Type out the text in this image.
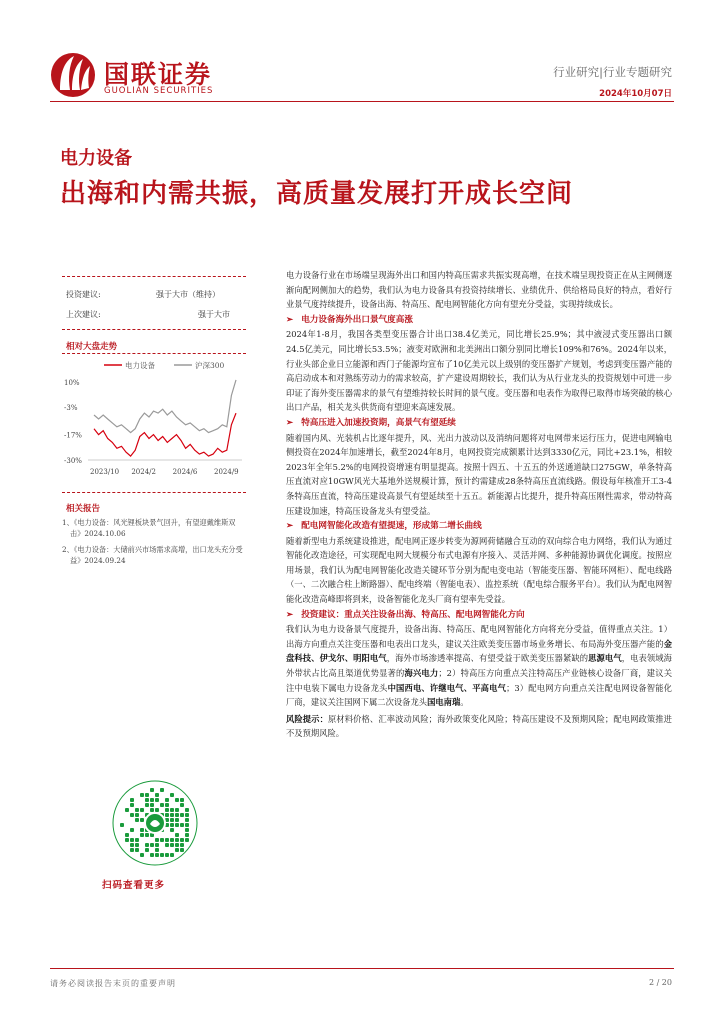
国联证券
GUOLIAN SECURITIES
行业研究|行业专题研究
2024年10月07日
电力设备
出海和内需共振，高质量发展打开成长空间
投资建议:	强于大市（维持）
上次建议:	强于大市
相对大盘走势
电力设备	沪深300
10%
-3%
-17%
-30%
2023/10 2024/2 2024/6 2024/9
相关报告

1、《电力设备：风光锂板块景气回升，有望迎戴维斯双击》2024.10.06

2、《电力设备：大储前兴市场需求高增，出口龙头充分受益》2024.09.24

扫码查看更多

电力设备行业在市场端呈现海外出口和国内特高压需求共振实现高增，在技术端呈现投资正在从主网侧逐渐向配网侧加大的趋势，我们认为电力设备具有投资持续增长、业绩优升、供给格局良好的特点，看好行业景气度持续提升，设备出海、特高压、配电网智能化方向有望充分受益，实现持续成长。

➢ 电力设备海外出口景气度高涨

2024年1-8月，我国各类型变压器合计出口38.4亿美元，同比增长25.9%；其中液浸式变压器出口额24.5亿美元，同比增长53.5%；液变对欧洲和北美洲出口额分别同比增长109%和76%。2024年以来，行业头部企业日立能源和西门子能源均宣布了10亿美元以上级别的变压器扩产规划，考虑到变压器产能的高启动成本和对熟练劳动力的需求较高，扩产建设周期较长，我们认为从行业龙头的投资规划中可进一步印证了海外变压器需求的景气有望维持较长时间的景气度。变压器和电表作为取得已取得市场突破的核心出口产品，相关龙头供货商有望迎来高速发展。

➢ 特高压进入加速投资期，高景气有望延续

随着国内风、光装机占比逐年提升，风、光出力波动以及消纳问题将对电网带来运行压力，促进电网输电侧投资在2024年加速增长，截至2024年8月，电网投资完成额累计达到3330亿元，同比+23.1%，相较2023年全年5.2%的电网投资增速有明显提高。按照十四五、十五五的外送通道缺口275GW，单条特高压直流对应10GW风光大基地外送规模计算，预计约需建成28条特高压直流线路。假设每年核准开工3-4条特高压直流，特高压建设高景气有望延续至十五五。新能源占比提升，提升特高压刚性需求，带动特高压建设加速，特高压设备龙头有望受益。

➢ 配电网智能化改造有望提速，形成第二增长曲线

随着新型电力系统建设推进，配电网正逐步转变为源网荷储融合互动的双向综合电力网络，我们认为通过智能化改造途径，可实现配电网大规模分布式电源有序接入、灵活并网、多种能源协调优化调度。按照应用场景，我们认为配电网智能化改造关键环节分别为配电变电站（智能变压器、智能环网柜）、配电线路（一、二次融合柱上断路器）、配电终端（智能电表）、监控系统（配电综合服务平台）。我们认为配电网智能化改造高峰即将到来，设备智能化龙头厂商有望率先受益。

➢ 投资建议：重点关注设备出海、特高压、配电网智能化方向

我们认为电力设备景气度提升，设备出海、特高压、配电网智能化方向将充分受益，值得重点关注。1）出海方向重点关注变压器和电表出口龙头，建议关注欧美变压器市场业务增长、布局海外变压器产能的金盘科技、伊戈尔、明阳电气，海外市场渗透率提高、有望受益于欧美变压器紧缺的思源电气，电表领域海外带状占比高且渠道优势显著的海兴电力；2）特高压方向重点关注特高压产业链核心设备厂商，建议关注中电装下属电力设备龙头中国西电、许继电气、平高电气；3）配电网方向重点关注配电网设备智能化厂商，建议关注国网下属二次设备龙头国电南瑞。

风险提示：原材料价格、汇率波动风险；海外政策变化风险；特高压建设不及预期风险；配电网政策推进不及预期风险。

请务必阅读报告末页的重要声明	2 / 20
